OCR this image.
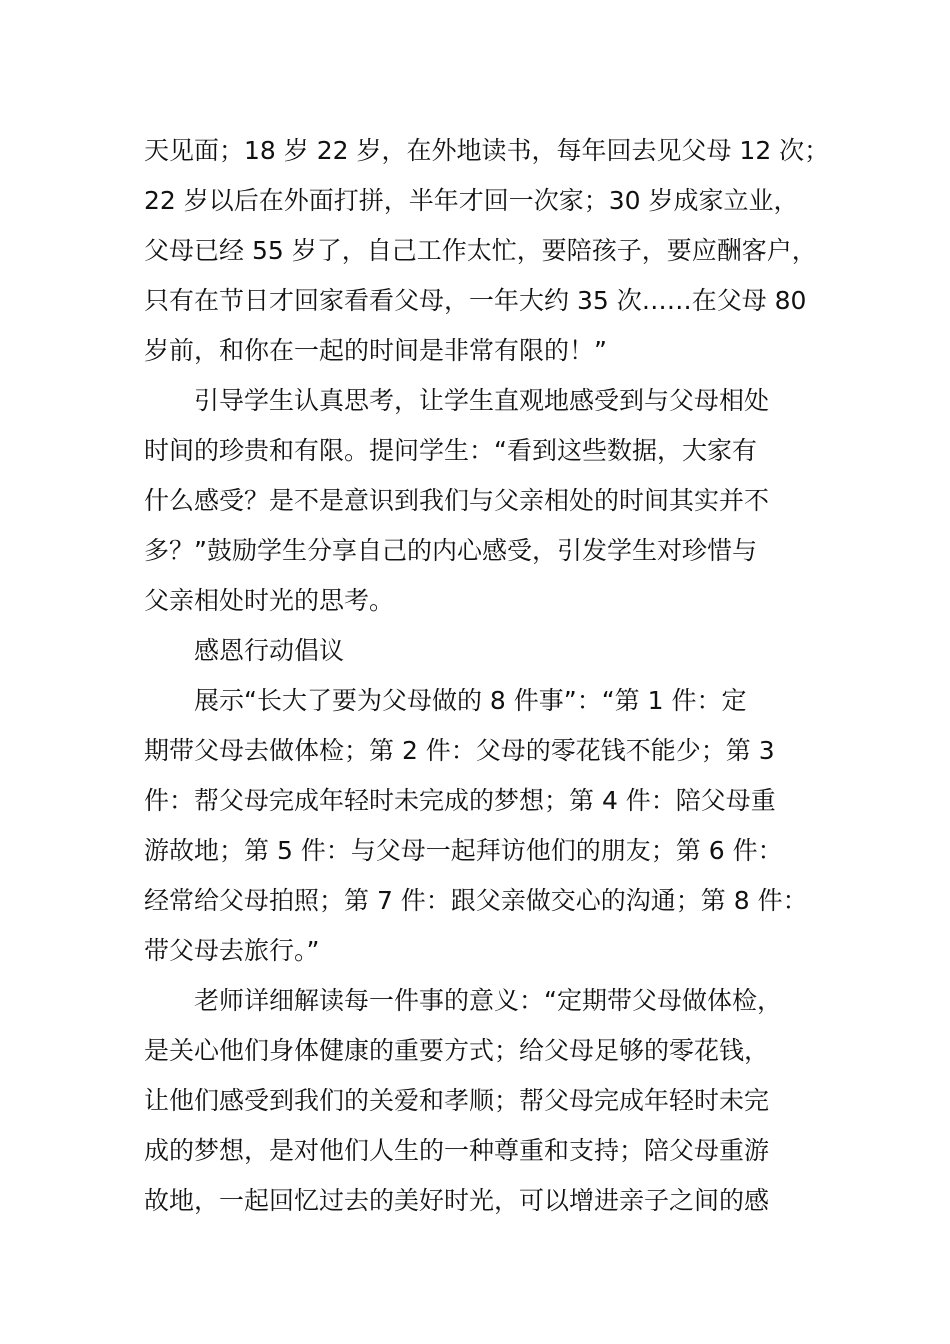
天见面；18 岁 22 岁，在外地读书，每年回去见父母 12 次；
22 岁以后在外面打拼，半年才回一次家；30 岁成家立业，
父母已经 55 岁了，自己工作太忙，要陪孩子，要应酬客户，
只有在节日才回家看看父母，一年大约 35 次……在父母 80
岁前，和你在一起的时间是非常有限的！”
　　引导学生认真思考，让学生直观地感受到与父母相处
时间的珍贵和有限。提问学生：“看到这些数据，大家有
什么感受？是不是意识到我们与父亲相处的时间其实并不
多？”鼓励学生分享自己的内心感受，引发学生对珍惜与
父亲相处时光的思考。
　　感恩行动倡议
　　展示“长大了要为父母做的 8 件事”：“第 1 件：定
期带父母去做体检；第 2 件：父母的零花钱不能少；第 3
件：帮父母完成年轻时未完成的梦想；第 4 件：陪父母重
游故地；第 5 件：与父母一起拜访他们的朋友；第 6 件：
经常给父母拍照；第 7 件：跟父亲做交心的沟通；第 8 件：
带父母去旅行。”
　　老师详细解读每一件事的意义：“定期带父母做体检，
是关心他们身体健康的重要方式；给父母足够的零花钱，
让他们感受到我们的关爱和孝顺；帮父母完成年轻时未完
成的梦想，是对他们人生的一种尊重和支持；陪父母重游
故地，一起回忆过去的美好时光，可以增进亲子之间的感
